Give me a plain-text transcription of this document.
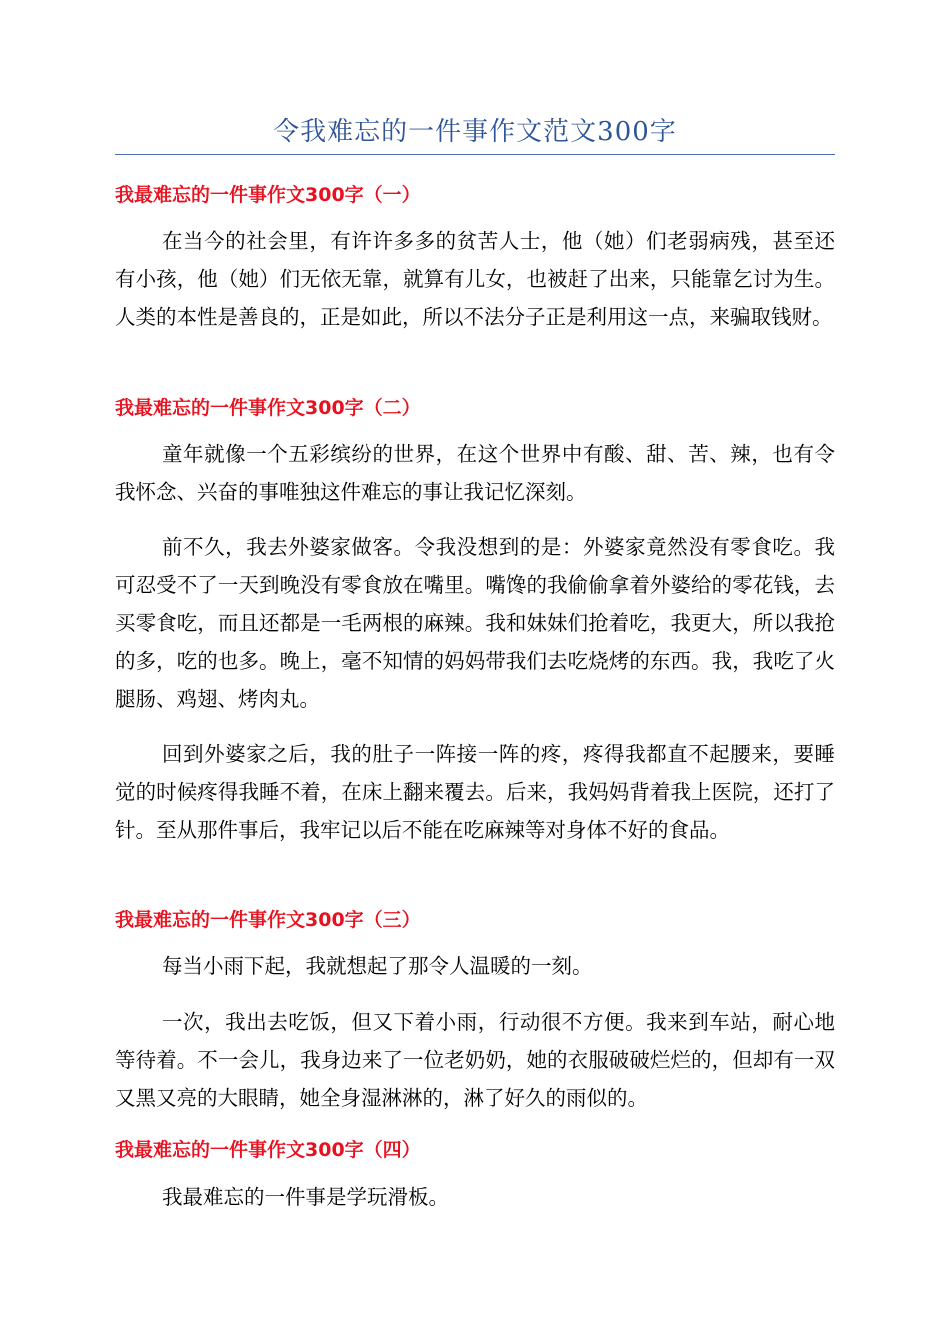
令我难忘的一件事作文范文300字
我最难忘的一件事作文300字（一）

在当今的社会里，有许许多多的贫苦人士，他（她）们老弱病残，甚至还有小孩，他（她）们无依无靠，就算有儿女，也被赶了出来，只能靠乞讨为生。人类的本性是善良的，正是如此，所以不法分子正是利用这一点，来骗取钱财。

我最难忘的一件事作文300字（二）

童年就像一个五彩缤纷的世界，在这个世界中有酸、甜、苦、辣，也有令我怀念、兴奋的事唯独这件难忘的事让我记忆深刻。

前不久，我去外婆家做客。令我没想到的是：外婆家竟然没有零食吃。我可忍受不了一天到晚没有零食放在嘴里。嘴馋的我偷偷拿着外婆给的零花钱，去买零食吃，而且还都是一毛两根的麻辣。我和妹妹们抢着吃，我更大，所以我抢的多，吃的也多。晚上，毫不知情的妈妈带我们去吃烧烤的东西。我，我吃了火腿肠、鸡翅、烤肉丸。

回到外婆家之后，我的肚子一阵接一阵的疼，疼得我都直不起腰来，要睡觉的时候疼得我睡不着，在床上翻来覆去。后来，我妈妈背着我上医院，还打了针。至从那件事后，我牢记以后不能在吃麻辣等对身体不好的食品。

我最难忘的一件事作文300字（三）

每当小雨下起，我就想起了那令人温暖的一刻。

一次，我出去吃饭，但又下着小雨，行动很不方便。我来到车站，耐心地等待着。不一会儿，我身边来了一位老奶奶，她的衣服破破烂烂的，但却有一双又黑又亮的大眼睛，她全身湿淋淋的，淋了好久的雨似的。

我最难忘的一件事作文300字（四）

我最难忘的一件事是学玩滑板。
